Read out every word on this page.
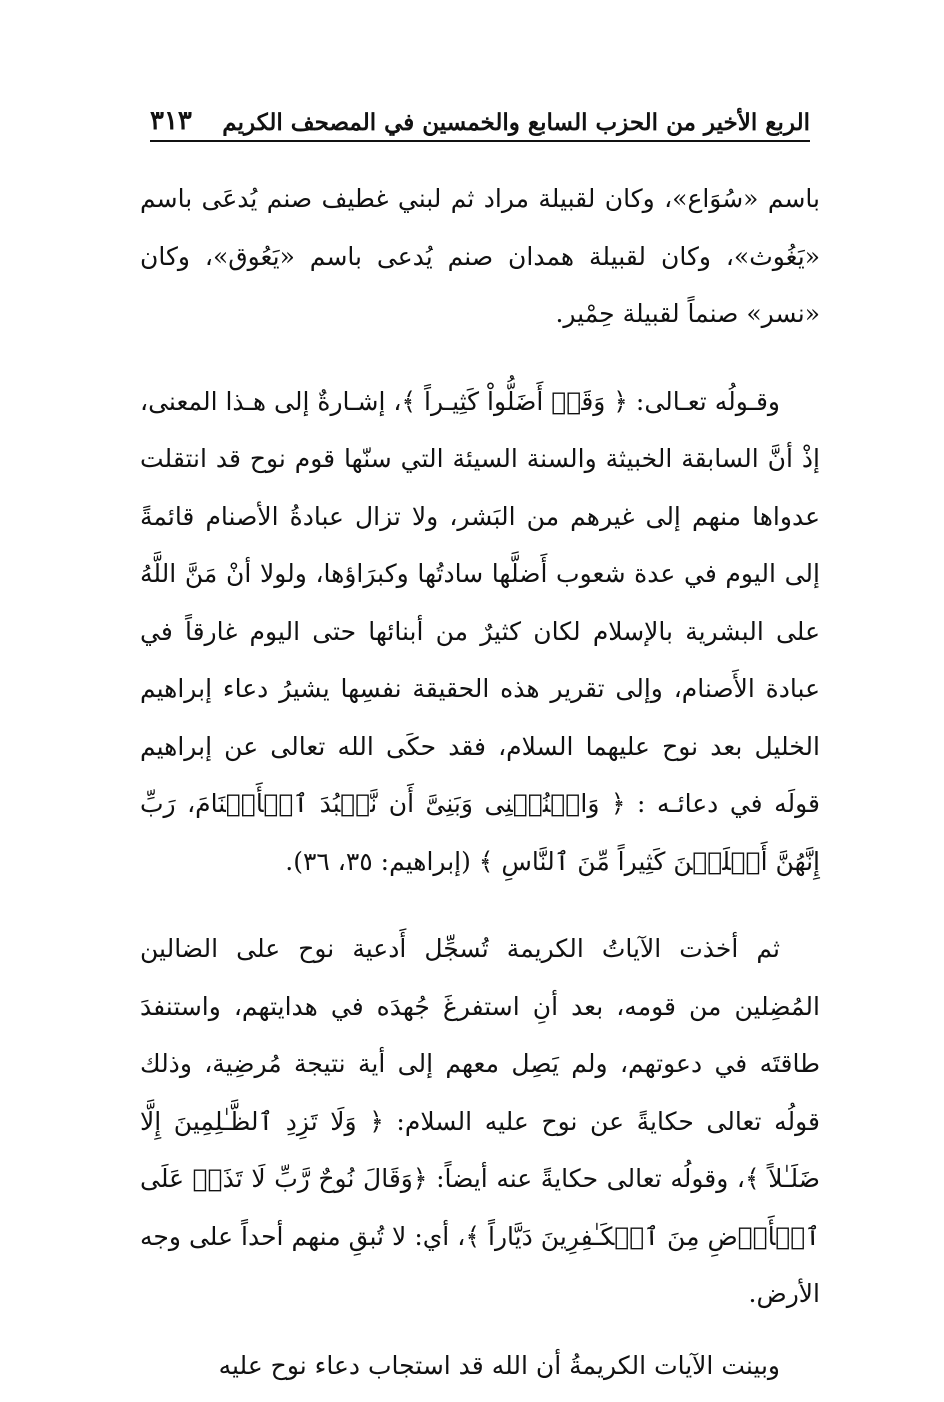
الربع الأخير من الحزب السابع والخمسين في المصحف الكريم
٣١٣

باسم «سُوَاع»، وكان لقبيلة مراد ثم لبني غطيف صنم يُدعَى باسم «يَغُوث»، وكان لقبيلة همدان صنم يُدعى باسم «يَعُوق»، وكان «نسر» صنماً لقبيلة حِمْير.

وقـولُه تعـالى: ﴿ وَقَدۡ أَضَلُّواْ كَثِيـراً ﴾، إشـارةٌ إلى هـذا المعنى، إذْ أنَّ السابقة الخبيثة والسنة السيئة التي سنّها قوم نوح قد انتقلت عدواها منهم إلى غيرهم من البَشر، ولا تزال عبادةُ الأصنام قائمةً إلى اليوم في عدة شعوب أَضلَّها سادتُها وكبرَاؤها، ولولا أنْ مَنَّ اللَّهُ على البشرية بالإسلام لكان كثيرٌ من أبنائها حتى اليوم غارقاً في عبادة الأَصنام، وإلى تقرير هذه الحقيقة نفسِها يشيرُ دعاء إبراهيم الخليل بعد نوح عليهما السلام، فقد حكَى الله تعالى عن إبراهيم قولَه في دعائـه : ﴿ وَاجۡنُبۡنِى وَبَنِىَّ أَن نَّعۡبُدَ ٱلۡأَصۡنَامَ، رَبِّ إِنَّهُنَّ أَضۡلَلۡنَ كَثِيراً مِّنَ ٱلنَّاسِ ﴾ (إبراهيم: ٣٥، ٣٦).

ثم أخذت الآياتُ الكريمة تُسجِّل أَدعية نوح على الضالين المُضِلين من قومه، بعد أنِ استفرغَ جُهدَه في هدايتهم، واستنفدَ طاقتَه في دعوتهم، ولم يَصِل معهم إلى أية نتيجة مُرضِية، وذلك قولُه تعالى حكايةً عن نوح عليه السلام: ﴿ وَلَا تَزِدِ ٱلظَّـٰلِمِينَ إِلَّا ضَلَـٰلاً ﴾، وقولُه تعالى حكايةً عنه أيضاً: ﴿وَقَالَ نُوحٌ رَّبِّ لَا تَذَرۡ عَلَى ٱلۡأَرۡضِ مِنَ ٱلۡكَـٰفِرِينَ دَيَّاراً ﴾، أي: لا تُبقِ منهم أحداً على وجه الأرض.

وبينت الآيات الكريمةُ أن الله قد استجاب دعاء نوح عليه
